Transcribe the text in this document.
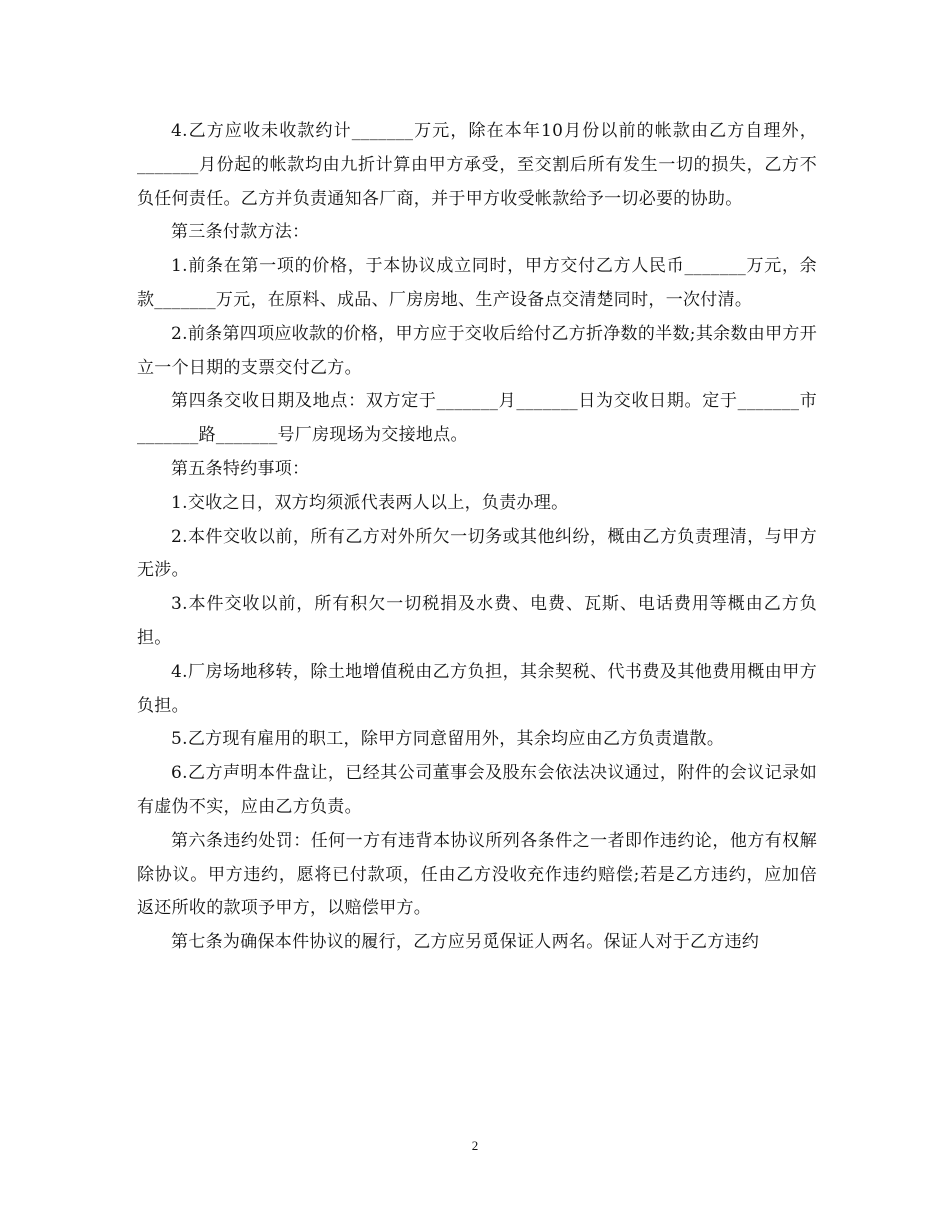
4.乙方应收未收款约计_______万元，除在本年10月份以前的帐款由乙方自理外，_______月份起的帐款均由九折计算由甲方承受，至交割后所有发生一切的损失，乙方不负任何责任。乙方并负责通知各厂商，并于甲方收受帐款给予一切必要的协助。

第三条付款方法：

1.前条在第一项的价格，于本协议成立同时，甲方交付乙方人民币_______万元，余款_______万元，在原料、成品、厂房房地、生产设备点交清楚同时，一次付清。

2.前条第四项应收款的价格，甲方应于交收后给付乙方折净数的半数;其余数由甲方开立一个日期的支票交付乙方。

第四条交收日期及地点：双方定于_______月_______日为交收日期。定于_______市_______路_______号厂房现场为交接地点。

第五条特约事项：

1.交收之日，双方均须派代表两人以上，负责办理。

2.本件交收以前，所有乙方对外所欠一切务或其他纠纷，概由乙方负责理清，与甲方无涉。

3.本件交收以前，所有积欠一切税捐及水费、电费、瓦斯、电话费用等概由乙方负担。

4.厂房场地移转，除土地增值税由乙方负担，其余契税、代书费及其他费用概由甲方负担。

5.乙方现有雇用的职工，除甲方同意留用外，其余均应由乙方负责遣散。

6.乙方声明本件盘让，已经其公司董事会及股东会依法决议通过，附件的会议记录如有虚伪不实，应由乙方负责。

第六条违约处罚：任何一方有违背本协议所列各条件之一者即作违约论，他方有权解除协议。甲方违约，愿将已付款项，任由乙方没收充作违约赔偿;若是乙方违约，应加倍返还所收的款项予甲方，以赔偿甲方。

第七条为确保本件协议的履行，乙方应另觅保证人两名。保证人对于乙方违约

2
